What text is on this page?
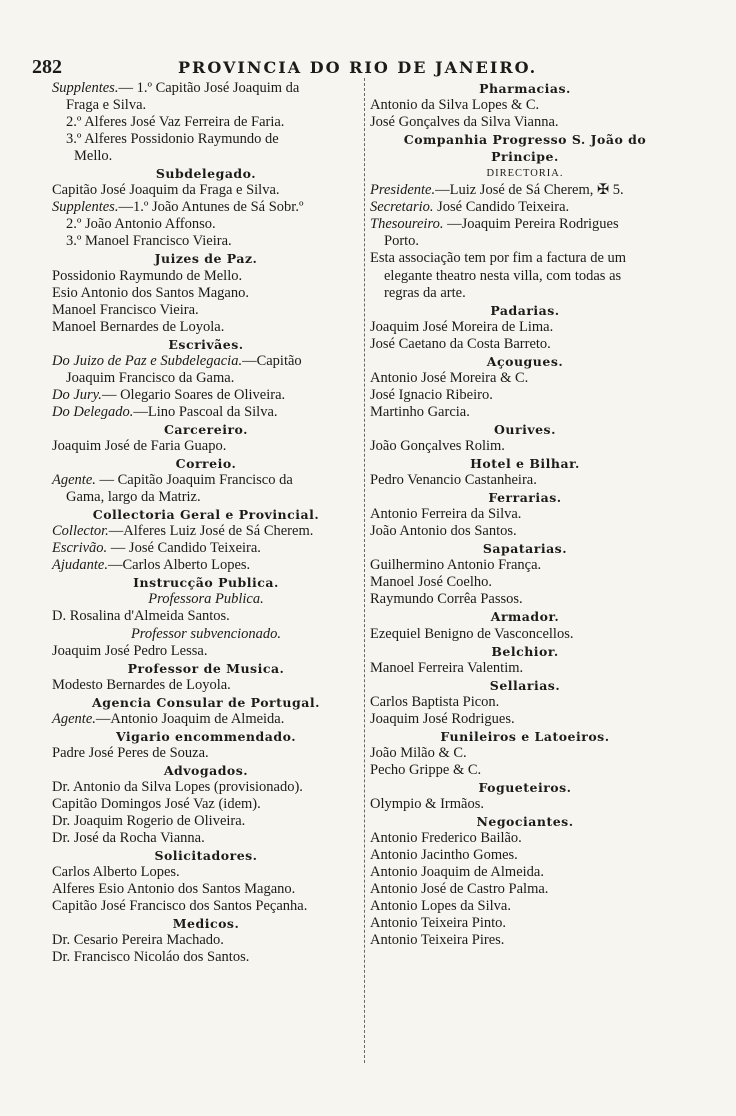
282	PROVINCIA DO RIO DE JANEIRO.
Supplentes.— 1.º Capitão José Joaquim da
Fraga e Silva.
2.º Alferes José Vaz Ferreira de Faria.
3.º Alferes Possidonio Raymundo de
Mello.
Subdelegado.
Capitão José Joaquim da Fraga e Silva.
Supplentes.—1.º João Antunes de Sá Sobr.º
2.º João Antonio Affonso.
3.º Manoel Francisco Vieira.
Juizes de Paz.
Possidonio Raymundo de Mello.
Esio Antonio dos Santos Magano.
Manoel Francisco Vieira.
Manoel Bernardes de Loyola.
Escrivães.
Do Juizo de Paz e Subdelegacia.—Capitão
Joaquim Francisco da Gama.
Do Jury.— Olegario Soares de Oliveira.
Do Delegado.—Lino Pascoal da Silva.
Carcereiro.
Joaquim José de Faria Guapo.
Correio.
Agente. — Capitão Joaquim Francisco da
Gama, largo da Matriz.
Collectoria Geral e Provincial.
Collector.—Alferes Luiz José de Sá Cherem.
Escrivão. — José Candido Teixeira.
Ajudante.—Carlos Alberto Lopes.
Instrucção Publica.
Professora Publica.
D. Rosalina d'Almeida Santos.
Professor subvencionado.
Joaquim José Pedro Lessa.
Professor de Musica.
Modesto Bernardes de Loyola.
Agencia Consular de Portugal.
Agente.—Antonio Joaquim de Almeida.
Vigario encommendado.
Padre José Peres de Souza.
Advogados.
Dr. Antonio da Silva Lopes (provisionado).
Capitão Domingos José Vaz (idem).
Dr. Joaquim Rogerio de Oliveira.
Dr. José da Rocha Vianna.
Solicitadores.
Carlos Alberto Lopes.
Alferes Esio Antonio dos Santos Magano.
Capitão José Francisco dos Santos Peçanha.
Medicos.
Dr. Cesario Pereira Machado.
Dr. Francisco Nicoláo dos Santos.
Pharmacias.
Antonio da Silva Lopes & C.
José Gonçalves da Silva Vianna.
Companhia Progresso S. João do
Principe.
DIRECTORIA.
Presidente.—Luiz José de Sá Cherem, ✠ 5.
Secretario. José Candido Teixeira.
Thesoureiro. —Joaquim Pereira Rodrigues
Porto.
Esta associação tem por fim a factura de um
elegante theatro nesta villa, com todas as
regras da arte.
Padarias.
Joaquim José Moreira de Lima.
José Caetano da Costa Barreto.
Açougues.
Antonio José Moreira & C.
José Ignacio Ribeiro.
Martinho Garcia.
Ourives.
João Gonçalves Rolim.
Hotel e Bilhar.
Pedro Venancio Castanheira.
Ferrarias.
Antonio Ferreira da Silva.
João Antonio dos Santos.
Sapatarias.
Guilhermino Antonio França.
Manoel José Coelho.
Raymundo Corrêa Passos.
Armador.
Ezequiel Benigno de Vasconcellos.
Belchior.
Manoel Ferreira Valentim.
Sellarias.
Carlos Baptista Picon.
Joaquim José Rodrigues.
Funileiros e Latoeiros.
João Milão & C.
Pecho Grippe & C.
Fogueteiros.
Olympio & Irmãos.
Negociantes.
Antonio Frederico Bailão.
Antonio Jacintho Gomes.
Antonio Joaquim de Almeida.
Antonio José de Castro Palma.
Antonio Lopes da Silva.
Antonio Teixeira Pinto.
Antonio Teixeira Pires.
